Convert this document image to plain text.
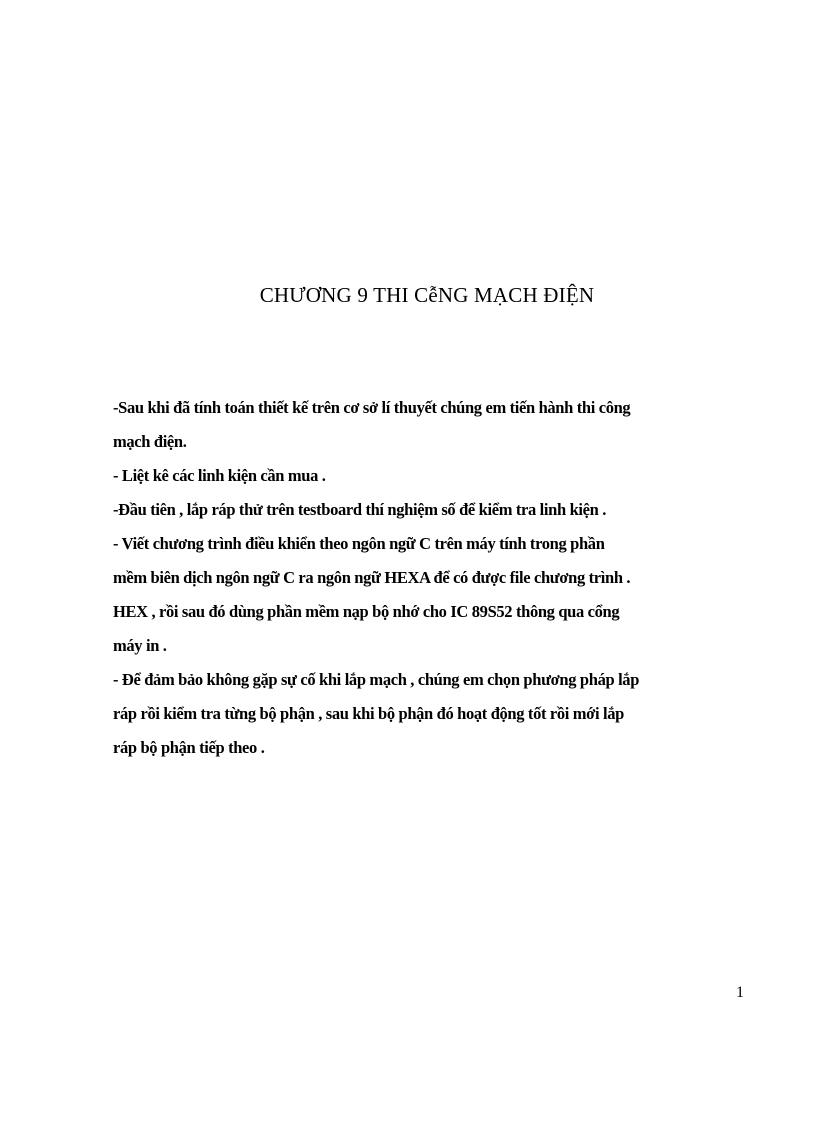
CHƯƠNG 9 THI CễNG MẠCH ĐIỆN
-Sau khi đã tính toán thiết kế trên cơ sở lí thuyết chúng em tiến hành thi công
mạch điện.
- Liệt kê các linh kiện cần mua .
-Đầu tiên , lắp ráp thử trên testboard thí nghiệm số để kiểm tra linh kiện .
- Viết chương trình điều khiển theo ngôn ngữ C trên máy tính trong phần
mềm biên dịch ngôn ngữ C ra ngôn ngữ HEXA để có được file chương trình .
HEX , rồi sau đó dùng phần mềm nạp bộ nhớ cho IC 89S52 thông qua cổng
máy in .
- Để đảm bảo không gặp sự cố khi lắp mạch , chúng em chọn phương pháp lắp
ráp rồi kiểm tra từng bộ phận , sau khi bộ phận đó hoạt động tốt rồi mới lắp
ráp bộ phận tiếp theo .
1
